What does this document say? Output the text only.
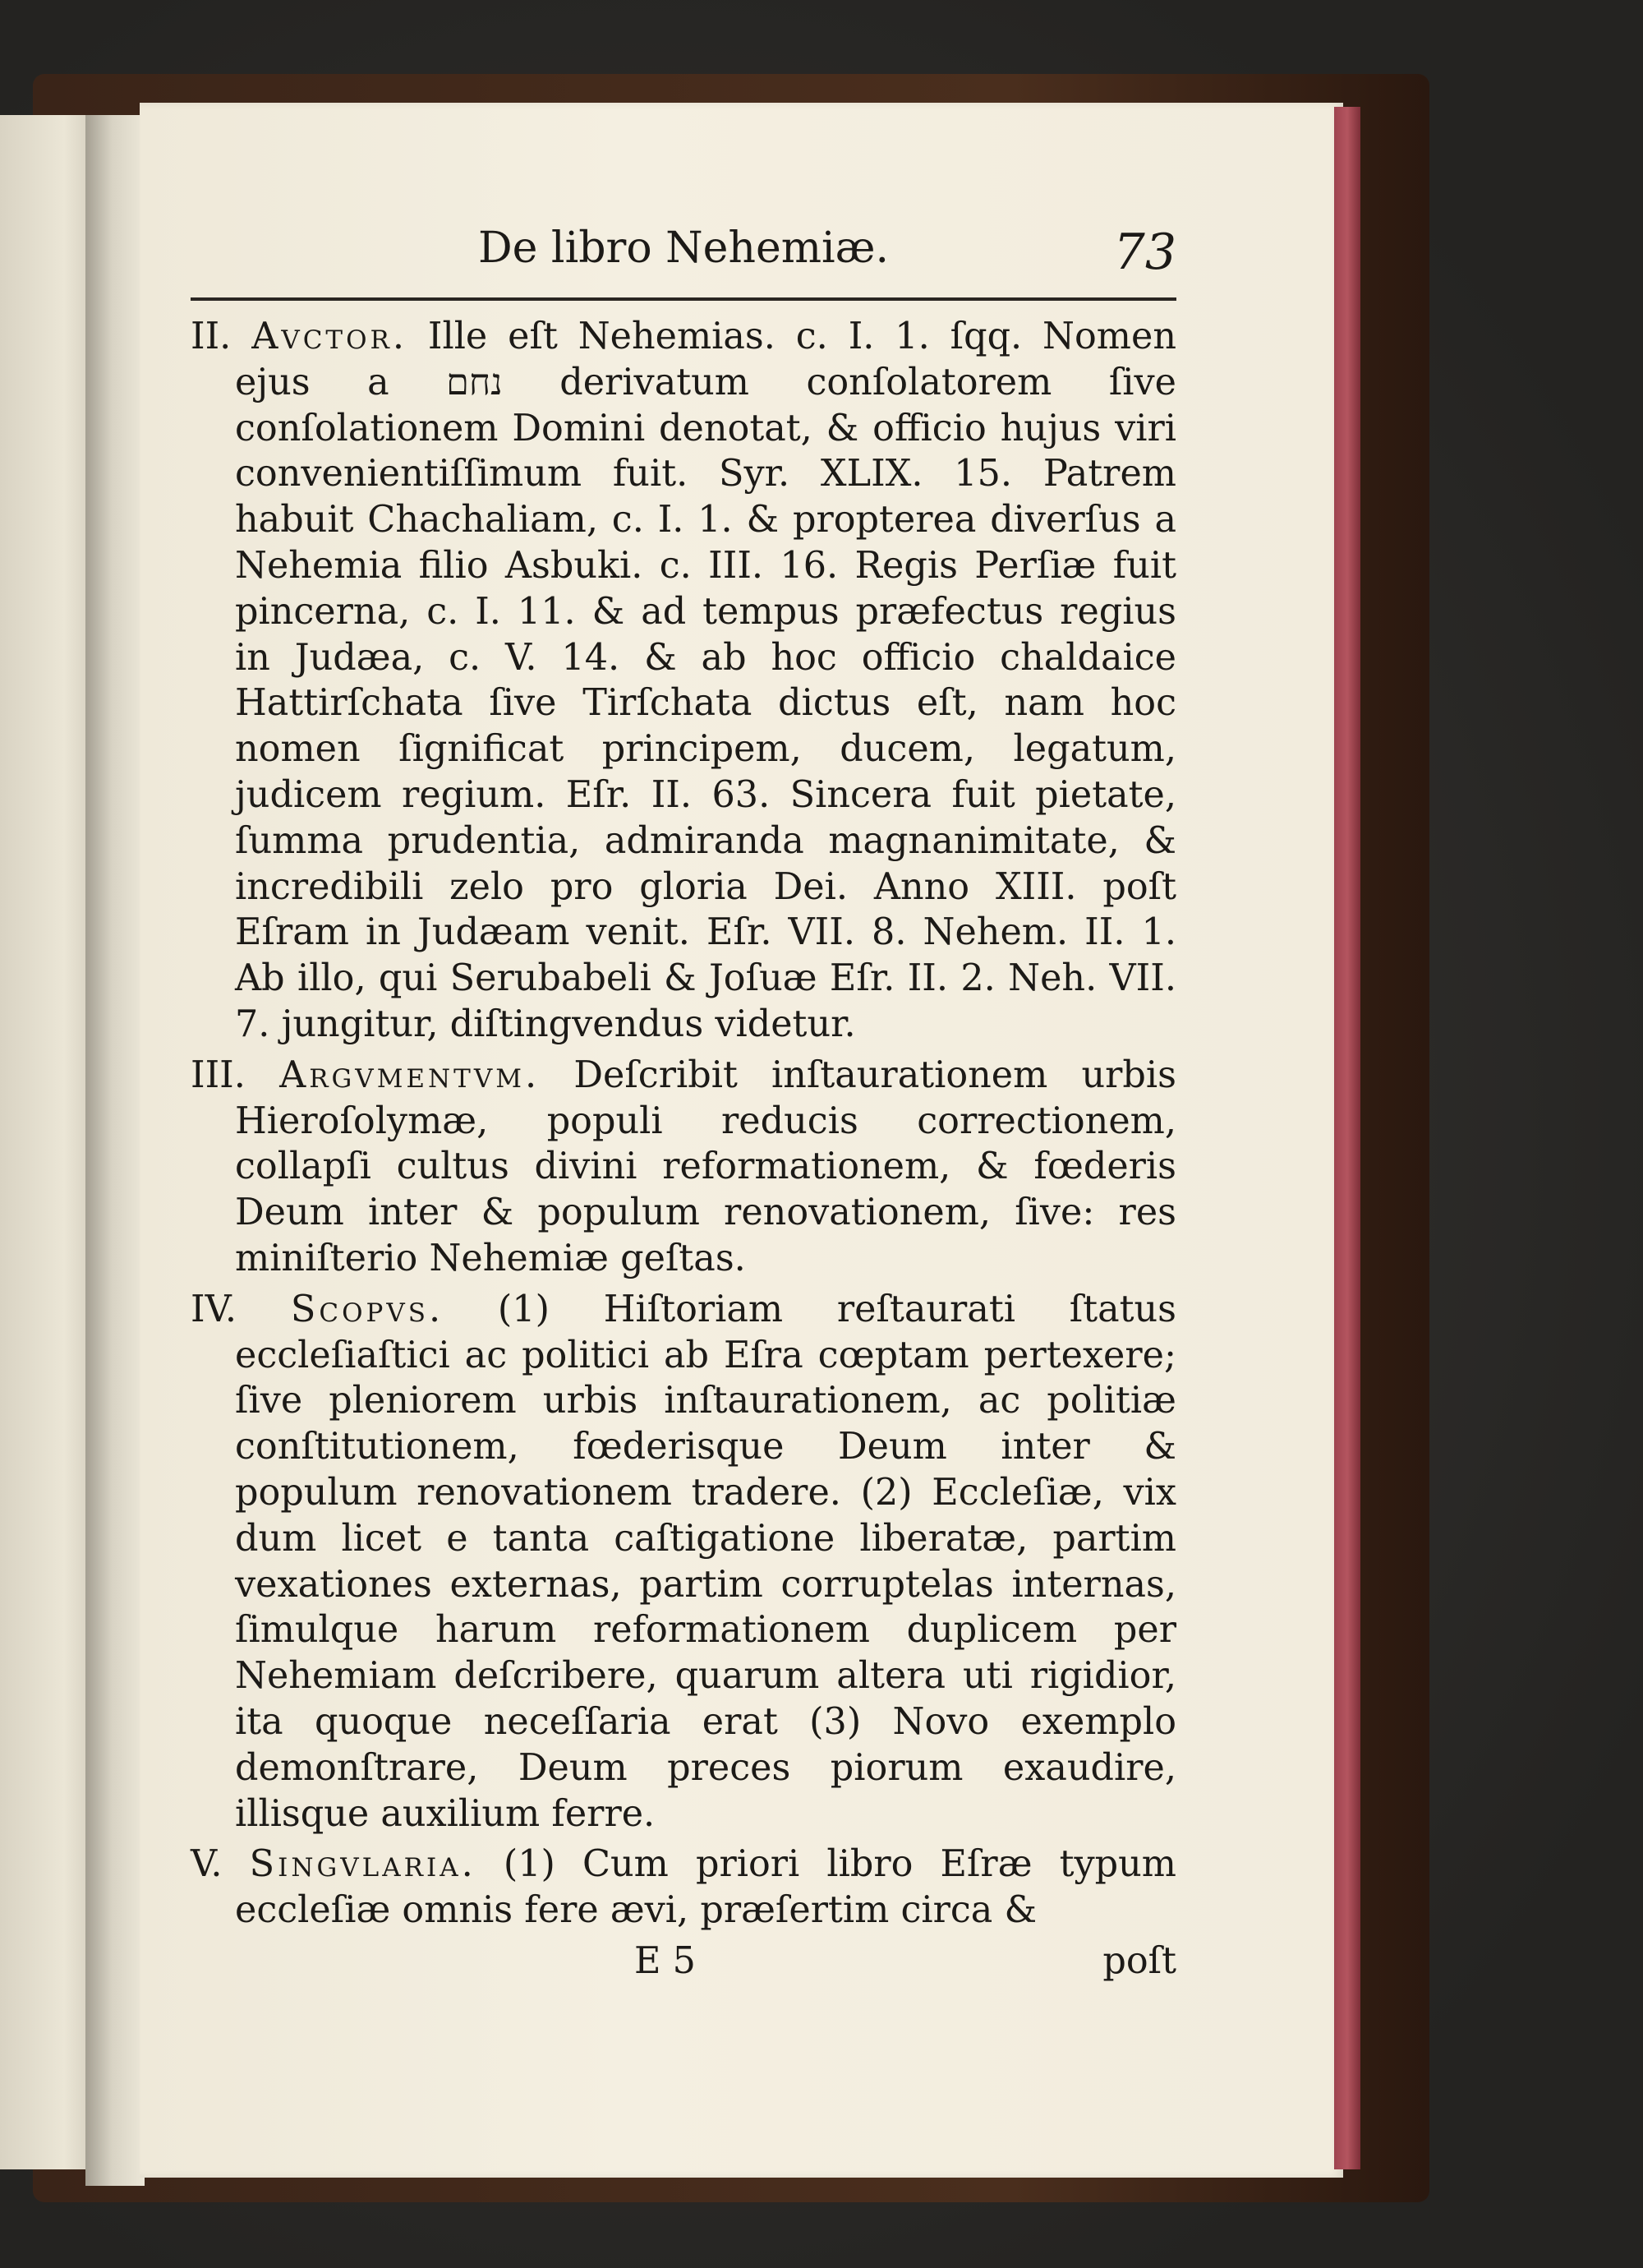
De libro Nehemiæ.	73

II. Avctor. Ille eſt Nehemias. c. I. 1. ſqq. Nomen ejus a נחם derivatum conſolatorem ſive conſolationem Domini denotat, & officio hujus viri convenientiſſimum fuit. Syr. XLIX. 15. Patrem habuit Chachaliam, c. I. 1. & propterea diverſus a Nehemia filio Asbuki. c. III. 16. Regis Perſiæ fuit pincerna, c. I. 11. & ad tempus præfectus regius in Judæa, c. V. 14. & ab hoc officio chaldaice Hattirſchata ſive Tirſchata dictus eſt, nam hoc nomen ſignificat principem, ducem, legatum, judicem regium. Eſr. II. 63. Sincera fuit pietate, ſumma prudentia, admiranda magnanimitate, & incredibili zelo pro gloria Dei. Anno XIII. poſt Eſram in Judæam venit. Eſr. VII. 8. Nehem. II. 1. Ab illo, qui Serubabeli & Joſuæ Eſr. II. 2. Neh. VII. 7. jungitur, diſtingvendus videtur.

III. Argvmentvm. Deſcribit inſtaurationem urbis Hieroſolymæ, populi reducis correctionem, collapſi cultus divini reformationem, & fœderis Deum inter & populum renovationem, ſive: res miniſterio Nehemiæ geſtas.

IV. Scopvs. (1) Hiſtoriam reſtaurati ſtatus eccleſiaſtici ac politici ab Eſra cœptam pertexere; ſive pleniorem urbis inſtaurationem, ac politiæ conſtitutionem, fœderisque Deum inter & populum renovationem tradere. (2) Eccleſiæ, vix dum licet e tanta caſtigatione liberatæ, partim vexationes externas, partim corruptelas internas, ſimulque harum reformationem duplicem per Nehemiam deſcribere, quarum altera uti rigidior, ita quoque neceſſaria erat (3) Novo exemplo demonſtrare, Deum preces piorum exaudire, illisque auxilium ferre.

V. Singvlaria. (1) Cum priori libro Eſræ typum eccleſiæ omnis fere ævi, præſertim circa &

E 5	poſt
